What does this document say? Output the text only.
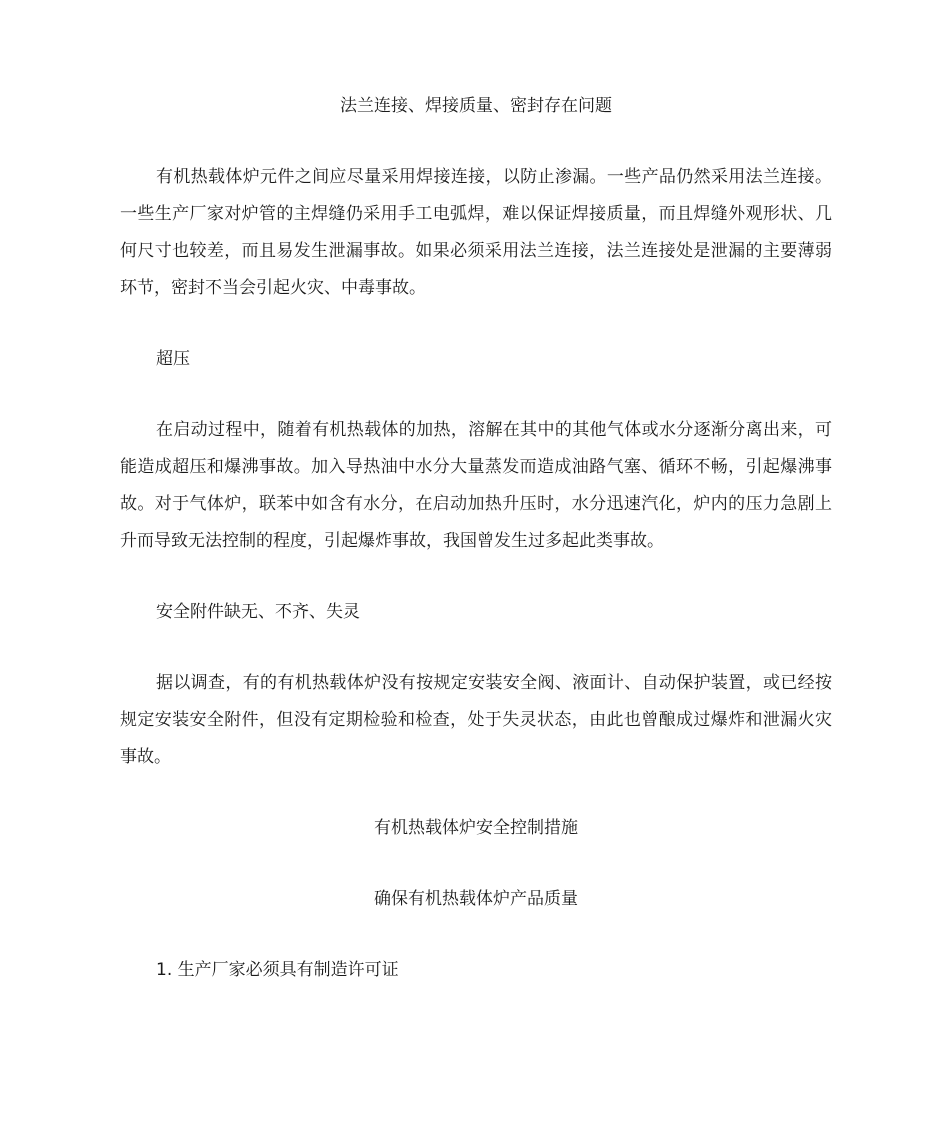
法兰连接、焊接质量、密封存在问题

有机热载体炉元件之间应尽量采用焊接连接，以防止渗漏。一些产品仍然采用法兰连接。一些生产厂家对炉管的主焊缝仍采用手工电弧焊，难以保证焊接质量，而且焊缝外观形状、几何尺寸也较差，而且易发生泄漏事故。如果必须采用法兰连接，法兰连接处是泄漏的主要薄弱环节，密封不当会引起火灾、中毒事故。

超压

在启动过程中，随着有机热载体的加热，溶解在其中的其他气体或水分逐渐分离出来，可能造成超压和爆沸事故。加入导热油中水分大量蒸发而造成油路气塞、循环不畅，引起爆沸事故。对于气体炉，联苯中如含有水分，在启动加热升压时，水分迅速汽化，炉内的压力急剧上升而导致无法控制的程度，引起爆炸事故，我国曾发生过多起此类事故。

安全附件缺无、不齐、失灵

据以调查，有的有机热载体炉没有按规定安装安全阀、液面计、自动保护装置，或已经按规定安装安全附件，但没有定期检验和检查，处于失灵状态，由此也曾酿成过爆炸和泄漏火灾事故。

有机热载体炉安全控制措施

确保有机热载体炉产品质量

1. 生产厂家必须具有制造许可证
